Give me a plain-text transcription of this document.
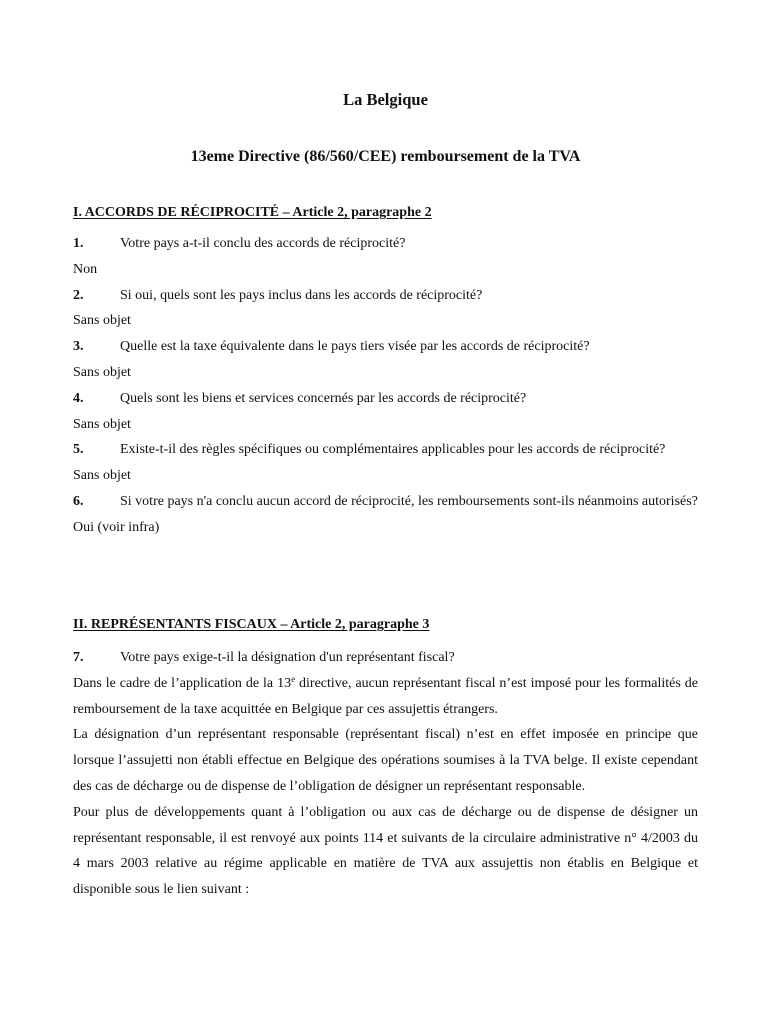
La Belgique
13eme Directive (86/560/CEE) remboursement de la TVA
I. ACCORDS DE RÉCIPROCITÉ – Article 2, paragraphe 2
1.	Votre pays a-t-il conclu des accords de réciprocité?
Non
2.	Si oui, quels sont les pays inclus dans les accords de réciprocité?
Sans objet
3.	Quelle est la taxe équivalente dans le pays tiers visée par les accords de réciprocité?
Sans objet
4.	Quels sont les biens et services concernés par les accords de réciprocité?
Sans objet
5.	Existe-t-il des règles spécifiques ou complémentaires applicables pour les accords de réciprocité?
Sans objet
6.	Si votre pays n'a conclu aucun accord de réciprocité, les remboursements sont-ils néanmoins autorisés?
Oui (voir infra)
II. REPRÉSENTANTS FISCAUX – Article 2, paragraphe 3
7.	Votre pays exige-t-il la désignation d'un représentant fiscal?
Dans le cadre de l’application de la 13e directive, aucun représentant fiscal n’est imposé pour les formalités de remboursement de la taxe acquittée en Belgique par ces assujettis étrangers.
La désignation d’un représentant responsable (représentant fiscal) n’est en effet imposée en principe que lorsque l’assujetti non établi effectue en Belgique des opérations soumises à la TVA belge. Il existe cependant des cas de décharge ou de dispense de l’obligation de désigner un représentant responsable.
Pour plus de développements quant à l’obligation ou aux cas de décharge ou de dispense de désigner un représentant responsable, il est renvoyé aux points 114 et suivants de la circulaire administrative n° 4/2003 du 4 mars 2003 relative au régime applicable en matière de TVA aux assujettis non établis en Belgique et disponible sous le lien suivant :
